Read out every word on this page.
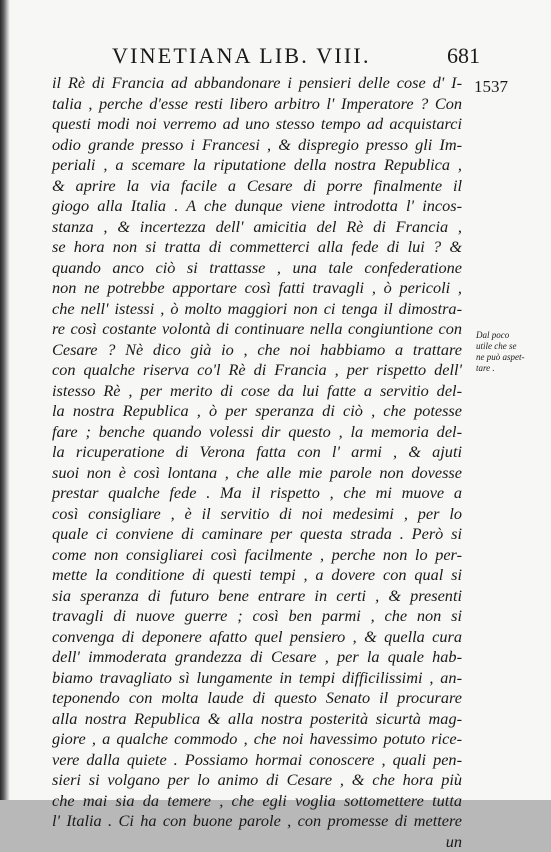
VINETIANA LIB. VIII.	681
1537
Dal poco
utile che se
ne può aspet-
tare .
il Rè di Francia ad abbandonare i pensieri delle cose d' I-
talia , perche d'esse resti libero arbitro l' Imperatore ? Con
questi modi noi verremo ad uno stesso tempo ad acquistarci
odio grande presso i Francesi , & dispregio presso gli Im-
periali , a scemare la riputatione della nostra Republica ,
& aprire la via facile a Cesare di porre finalmente il
giogo alla Italia . A che dunque viene introdotta l' incos-
stanza , & incertezza dell' amicitia del Rè di Francia ,
se hora non si tratta di commetterci alla fede di lui ? &
quando anco ciò si trattasse , una tale confederatione
non ne potrebbe apportare così fatti travagli , ò pericoli ,
che nell' istessi , ò molto maggiori non ci tenga il dimostra-
re così costante volontà di continuare nella congiuntione con
Cesare ? Nè dico già io , che noi habbiamo a trattare
con qualche riserva co'l Rè di Francia , per rispetto dell'
istesso Rè , per merito di cose da lui fatte a servitio del-
la nostra Republica , ò per speranza di ciò , che potesse
fare ; benche quando volessi dir questo , la memoria del-
la ricuperatione di Verona fatta con l' armi , & ajuti
suoi non è così lontana , che alle mie parole non dovesse
prestar qualche fede . Ma il rispetto , che mi muove a
così consigliare , è il servitio di noi medesimi , per lo
quale ci conviene di caminare per questa strada . Però si
come non consigliarei così facilmente , perche non lo per-
mette la conditione di questi tempi , a dovere con qual si
sia speranza di futuro bene entrare in certi , & presenti
travagli di nuove guerre ; così ben parmi , che non si
convenga di deponere afatto quel pensiero , & quella cura
dell' immoderata grandezza di Cesare , per la quale hab-
biamo travagliato sì lungamente in tempi difficilissimi , an-
teponendo con molta laude di questo Senato il procurare
alla nostra Republica & alla nostra posterità sicurtà mag-
giore , a qualche commodo , che noi havessimo potuto rice-
vere dalla quiete . Possiamo hormai conoscere , quali pen-
sieri si volgano per lo animo di Cesare , & che hora più
che mai sia da temere , che egli voglia sottomettere tutta
l' Italia . Ci ha con buone parole , con promesse di mettere
un
